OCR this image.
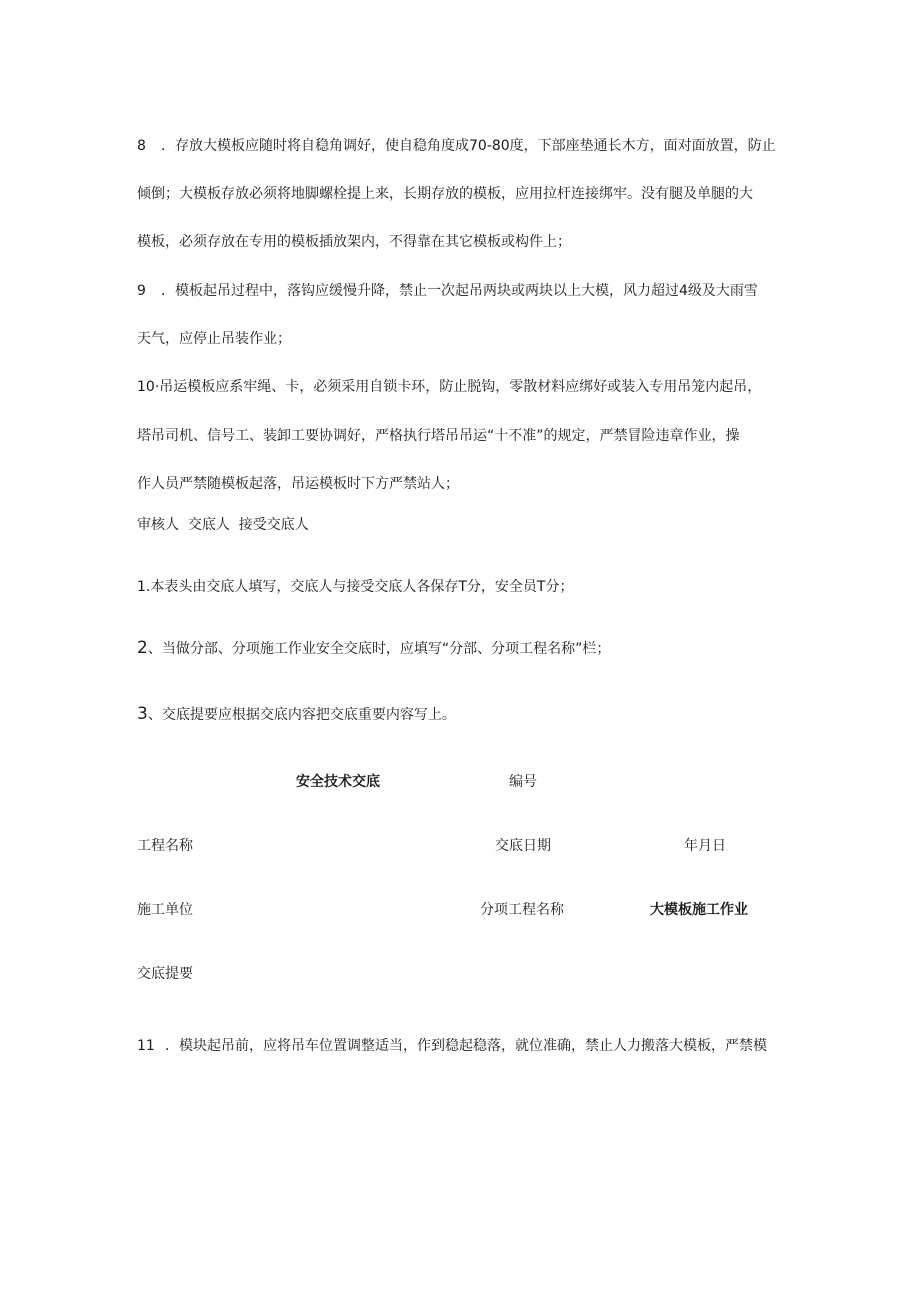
8 ．存放大模板应随时将自稳角调好，使自稳角度成70-80度，下部座垫通长木方，面对面放置，防止
倾倒；大模板存放必须将地脚螺栓提上来，长期存放的模板，应用拉杆连接绑牢。没有腿及单腿的大
模板，必须存放在专用的模板插放架内，不得靠在其它模板或构件上；
9 ．模板起吊过程中，落钩应缓慢升降，禁止一次起吊两块或两块以上大模，风力超过4级及大雨雪
天气，应停止吊装作业；
10·吊运模板应系牢绳、卡，必须采用自锁卡环，防止脱钩，零散材料应绑好或装入专用吊笼内起吊，
塔吊司机、信号工、装卸工要协调好，严格执行塔吊吊运“十不准”的规定，严禁冒险违章作业，操
作人员严禁随模板起落，吊运模板时下方严禁站人；
审核人  交底人  接受交底人
1.本表头由交底人填写，交底人与接受交底人各保存T分，安全员T分；
2、当做分部、分项施工作业安全交底时，应填写“分部、分项工程名称”栏；
3、交底提要应根据交底内容把交底重要内容写上。
安全技术交底	编号
工程名称	交底日期	年月日
施工单位	分项工程名称	大模板施工作业
交底提要
11 ．模块起吊前，应将吊车位置调整适当，作到稳起稳落，就位准确，禁止人力搬落大模板，严禁模
